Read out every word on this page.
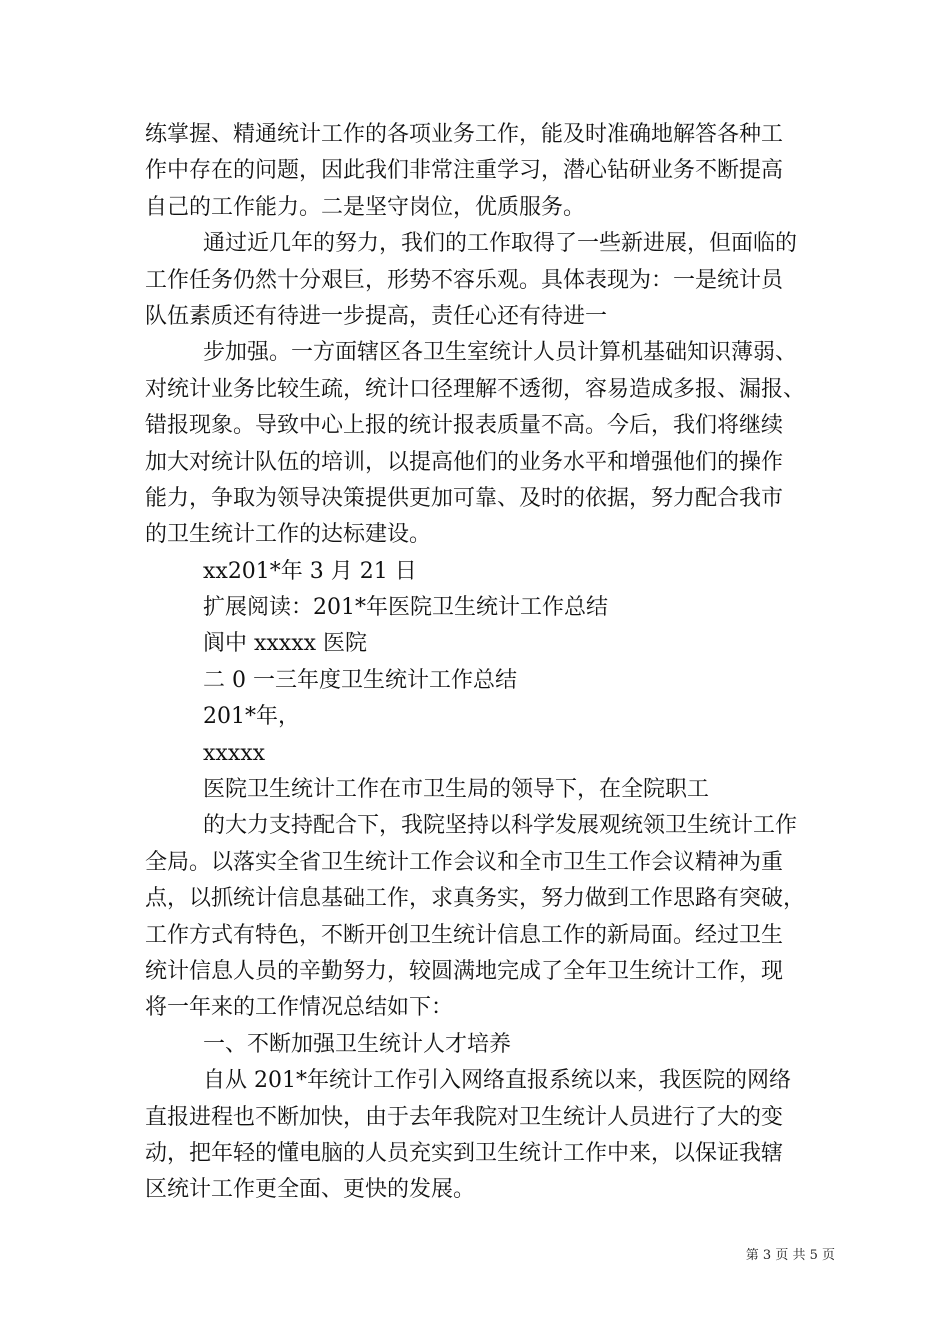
练掌握、精通统计工作的各项业务工作，能及时准确地解答各种工
作中存在的问题，因此我们非常注重学习，潜心钻研业务不断提高
自己的工作能力。二是坚守岗位，优质服务。
通过近几年的努力，我们的工作取得了一些新进展，但面临的
工作任务仍然十分艰巨，形势不容乐观。具体表现为：一是统计员
队伍素质还有待进一步提高，责任心还有待进一
步加强。一方面辖区各卫生室统计人员计算机基础知识薄弱、
对统计业务比较生疏，统计口径理解不透彻，容易造成多报、漏报、
错报现象。导致中心上报的统计报表质量不高。今后，我们将继续
加大对统计队伍的培训，以提高他们的业务水平和增强他们的操作
能力，争取为领导决策提供更加可靠、及时的依据，努力配合我市
的卫生统计工作的达标建设。
xx201*年 3 月 21 日
扩展阅读：201*年医院卫生统计工作总结
阆中 xxxxx 医院
二 0 一三年度卫生统计工作总结
201*年，
xxxxx
医院卫生统计工作在市卫生局的领导下，在全院职工
的大力支持配合下，我院坚持以科学发展观统领卫生统计工作
全局。以落实全省卫生统计工作会议和全市卫生工作会议精神为重
点，以抓统计信息基础工作，求真务实，努力做到工作思路有突破，
工作方式有特色，不断开创卫生统计信息工作的新局面。经过卫生
统计信息人员的辛勤努力，较圆满地完成了全年卫生统计工作，现
将一年来的工作情况总结如下：
一、不断加强卫生统计人才培养
自从 201*年统计工作引入网络直报系统以来，我医院的网络
直报进程也不断加快，由于去年我院对卫生统计人员进行了大的变
动，把年轻的懂电脑的人员充实到卫生统计工作中来，以保证我辖
区统计工作更全面、更快的发展。
第 3 页 共 5 页
